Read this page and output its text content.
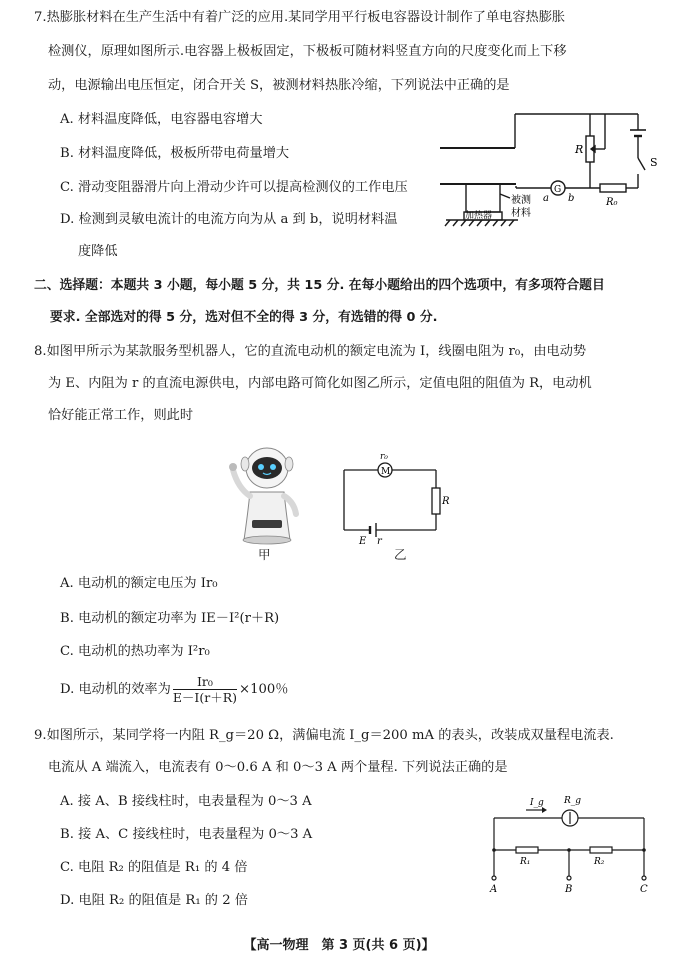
7.热膨胀材料在生产生活中有着广泛的应用.某同学用平行板电容器设计制作了单电容热膨胀
检测仪，原理如图所示.电容器上极板固定，下极板可随材料竖直方向的尺度变化而上下移
动，电源输出电压恒定，闭合开关 S，被测材料热胀冷缩，下列说法中正确的是
A. 材料温度降低，电容器电容增大
B. 材料温度降低，极板所带电荷量增大
C. 滑动变阻器滑片向上滑动少许可以提高检测仪的工作电压
D. 检测到灵敏电流计的电流方向为从 a 到 b，说明材料温
度降低
R
S
R₀
G
a b
被测
材料
加热器
二、选择题：本题共 3 小题，每小题 5 分，共 15 分. 在每小题给出的四个选项中，有多项符合题目
要求. 全部选对的得 5 分，选对但不全的得 3 分，有选错的得 0 分.
8.如图甲所示为某款服务型机器人，它的直流电动机的额定电流为 I，线圈电阻为 r₀，由电动势
为 E、内阻为 r 的直流电源供电，内部电路可简化如图乙所示，定值电阻的阻值为 R，电动机
恰好能正常工作，则此时
甲
M
r₀
R
E r
乙
A. 电动机的额定电压为 Ir₀
B. 电动机的额定功率为 IE－I²(r＋R)
C. 电动机的热功率为 I²r₀
D. 电动机的效率为 $\frac{\text{Ir₀}}{E-I(r+R)} \times 100$％
9.如图所示，某同学将一内阻 R_g＝20 Ω，满偏电流 I_g＝200 mA 的表头，改装成双量程电流表.
电流从 A 端流入，电流表有 0～0.6 A 和 0～3 A 两个量程. 下列说法正确的是
A. 接 A、B 接线柱时，电表量程为 0～3 A
B. 接 A、C 接线柱时，电表量程为 0～3 A
C. 电阻 R₂ 的阻值是 R₁ 的 4 倍
D. 电阻 R₂ 的阻值是 R₁ 的 2 倍
I_g R_g
R₁	R₂
A	B	C
【高一物理　第 3 页(共 6 页)】
